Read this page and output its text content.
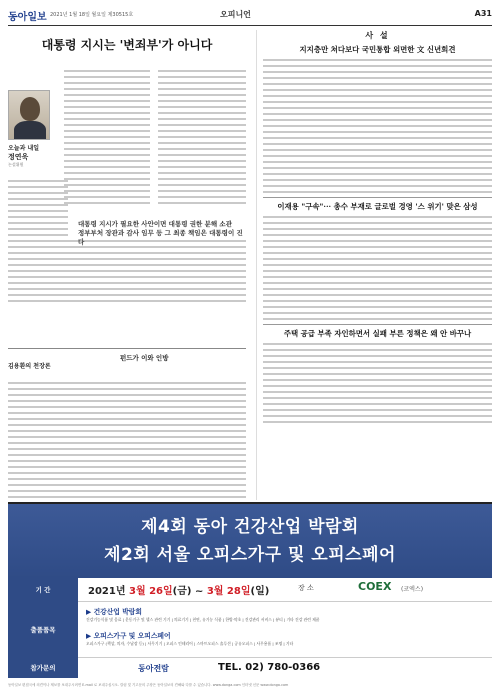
동아일보 2021년 1월 18일 월요일 제30515호	오피니언	A31
대통령 지시는 '변죄부'가 아니다
오늘과 내일
정연욱
논설위원
대통령 지시가 필요한 사안이면 대통령 권한 분해 소관
정부부처 장관과 감사 임무 등 그 최종 책임은 대통령이 진다
김용환의 천장론
펀드가 이와 인방
사 설
지지층만 쳐다보다 국민통합 외면한 文 신년회견
이재용 "구속"··· 총수 부재로 글로벌 경영 '스 위기' 맞은 삼성
주택 공급 부족 자인하면서 실패 부른 정책은 왜 안 바꾸나
제4회 동아 건강산업 박람회
제2회 서울 오피스가구 및 오피스페어
기 간	2021년 3월 26일(금) ~ 3월 28일(일)	장 소	COEX (코엑스)
출품품목
▶ 건강산업 박람회
건강기능식품 및 음료 | 운동기구 및 헬스 관련 기기 | 의료기기 | 천연, 유기농 식품 | 한방·약초 | 건강관리 서비스 | 뷰티 | 기타 건강 관련 제품
▶ 오피스가구 및 오피스페어
오피스가구 (책상, 의자, 수납장 등) | 사무기기 | 오피스 인테리어 | 스마트오피스 솔루션 | 공유오피스 | 사무용품 | 조명 | 기타
참가문의	동아전람	TEL. 02) 780-0366
동아일보 편집국에 의견이나 제보를 보내주시려면 E-mail 로 보내주십시오. 칼럼 및 기고문의 주장은 동아일보의 견해와 다를 수 있습니다. www.donga.com 인터넷 신문 www.donga.com
